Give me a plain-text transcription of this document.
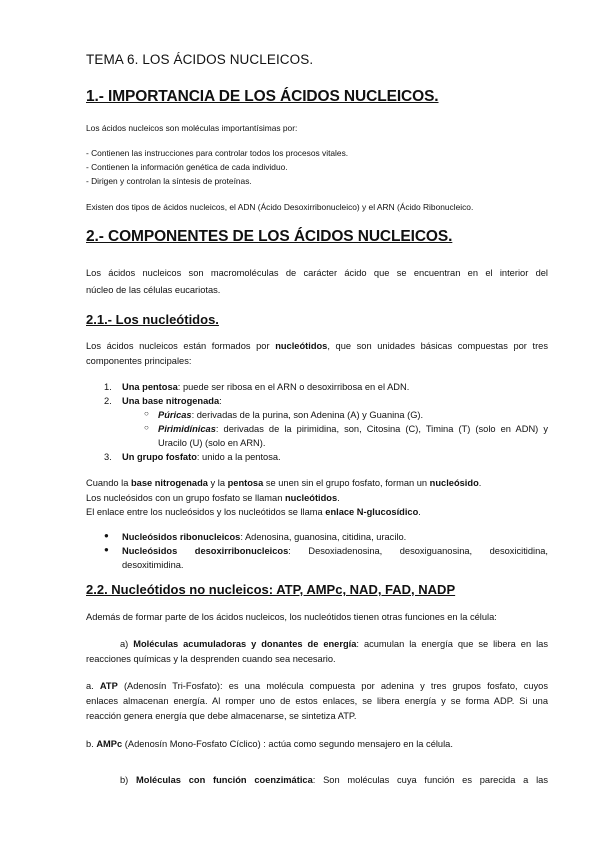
TEMA 6. LOS ÁCIDOS NUCLEICOS.
1.- IMPORTANCIA DE LOS ÁCIDOS NUCLEICOS.
Los ácidos nucleicos son moléculas importantísimas por:
- Contienen las instrucciones para controlar todos los procesos vitales.
- Contienen la información genética de cada individuo.
- Dirigen y controlan la síntesis de proteínas.
Existen dos tipos de ácidos nucleicos, el ADN (Ácido Desoxirribonucleico) y el ARN (Ácido Ribonucleico.
2.- COMPONENTES DE LOS ÁCIDOS NUCLEICOS.
Los ácidos nucleicos son macromoléculas de carácter ácido que se encuentran en el interior del
núcleo de las células eucariotas.
2.1.- Los nucleótidos.
Los ácidos nucleicos están formados por nucleótidos, que son unidades básicas compuestas por tres
componentes principales:
1. Una pentosa: puede ser ribosa en el ARN o desoxirribosa en el ADN.
2. Una base nitrogenada:
○ Púricas: derivadas de la purina, son Adenina (A) y Guanina (G).
○ Pirimidínicas: derivadas de la pirimidina, son, Citosina (C), Timina (T) (solo en ADN) y
Uracilo (U) (solo en ARN).
3. Un grupo fosfato: unido a la pentosa.
Cuando la base nitrogenada y la pentosa se unen sin el grupo fosfato, forman un nucleósido.
Los nucleósidos con un grupo fosfato se llaman nucleótidos.
El enlace entre los nucleósidos y los nucleótidos se llama enlace N-glucosídico.
● Nucleósidos ribonucleicos: Adenosina, guanosina, citidina, uracilo.
● Nucleósidos desoxirribonucleicos: Desoxiadenosina, desoxiguanosina, desoxicitidina,
desoxitimidina.
2.2. Nucleótidos no nucleicos: ATP, AMPc, NAD, FAD, NADP
Además de formar parte de los ácidos nucleicos, los nucleótidos tienen otras funciones en la célula:
a) Moléculas acumuladoras y donantes de energía: acumulan la energía que se libera en las
reacciones químicas y la desprenden cuando sea necesario.
a. ATP (Adenosín Tri-Fosfato): es una molécula compuesta por adenina y tres grupos fosfato, cuyos
enlaces almacenan energía. Al romper uno de estos enlaces, se libera energía y se forma ADP. Si una
reacción genera energía que debe almacenarse, se sintetiza ATP.
b. AMPc (Adenosín Mono-Fosfato Cíclico) : actúa como segundo mensajero en la célula.
b) Moléculas con función coenzimática: Son moléculas cuya función es parecida a las
